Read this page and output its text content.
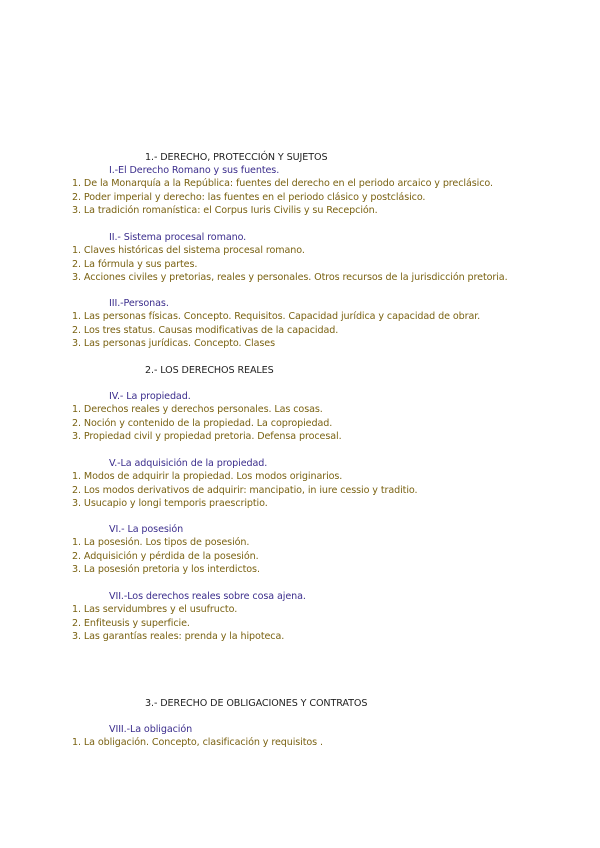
1.- DERECHO, PROTECCIÓN Y SUJETOS
I.-El Derecho Romano y sus fuentes.
1. De la Monarquía a la República: fuentes del derecho en el periodo arcaico y preclásico.
2. Poder imperial y derecho: las fuentes en el periodo clásico y postclásico.
3. La tradición romanística: el Corpus Iuris Civilis y su Recepción.
II.- Sistema procesal romano.
1. Claves históricas del sistema procesal romano.
2. La fórmula y sus partes.
3. Acciones civiles y pretorias, reales y personales. Otros recursos de la jurisdicción pretoria.
III.-Personas.
1. Las personas físicas. Concepto. Requisitos. Capacidad jurídica y capacidad de obrar.
2. Los tres status. Causas modificativas de la capacidad.
3. Las personas jurídicas. Concepto. Clases
2.- LOS DERECHOS REALES
IV.- La propiedad.
1. Derechos reales y derechos personales. Las cosas.
2. Noción y contenido de la propiedad. La copropiedad.
3. Propiedad civil y propiedad pretoria. Defensa procesal.
V.-La adquisición de la propiedad.
1. Modos de adquirir la propiedad. Los modos originarios.
2. Los modos derivativos de adquirir: mancipatio, in iure cessio y traditio.
3. Usucapio y longi temporis praescriptio.
VI.- La posesión
1. La posesión. Los tipos de posesión.
2. Adquisición y pérdida de la posesión.
3. La posesión pretoria y los interdictos.
VII.-Los derechos reales sobre cosa ajena.
1. Las servidumbres y el usufructo.
2. Enfiteusis y superficie.
3. Las garantías reales: prenda y la hipoteca.
3.- DERECHO DE OBLIGACIONES Y CONTRATOS
VIII.-La obligación
1. La obligación. Concepto, clasificación y requisitos .
